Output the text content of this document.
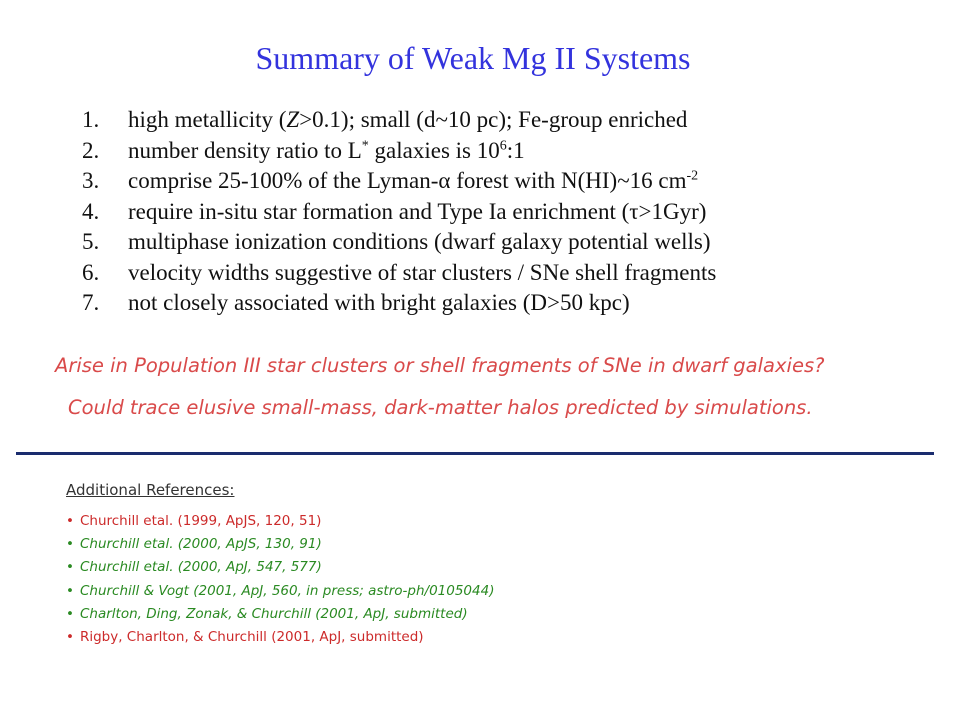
Summary of Weak Mg II Systems
1. high metallicity (Z>0.1); small (d~10 pc); Fe-group enriched
2. number density ratio to L* galaxies is $10^6:1$
3. comprise 25-100% of the Lyman-α forest with N(HI)~16 $cm^{-2}$
4. require in-situ star formation and Type Ia enrichment (τ>1Gyr)
5. multiphase ionization conditions (dwarf galaxy potential wells)
6. velocity widths suggestive of star clusters / SNe shell fragments
7. not closely associated with bright galaxies (D>50 kpc)
Arise in Population III star clusters or shell fragments of SNe in dwarf galaxies?
Could trace elusive small-mass, dark-matter halos predicted by simulations.
Additional References:
• Churchill etal. (1999, ApJS, 120, 51)
• Churchill etal. (2000, ApJS, 130, 91)
• Churchill etal. (2000, ApJ, 547, 577)
• Churchill & Vogt (2001, ApJ, 560, in press; astro-ph/0105044)
• Charlton, Ding, Zonak, & Churchill (2001, ApJ, submitted)
• Rigby, Charlton, & Churchill (2001, ApJ, submitted)
